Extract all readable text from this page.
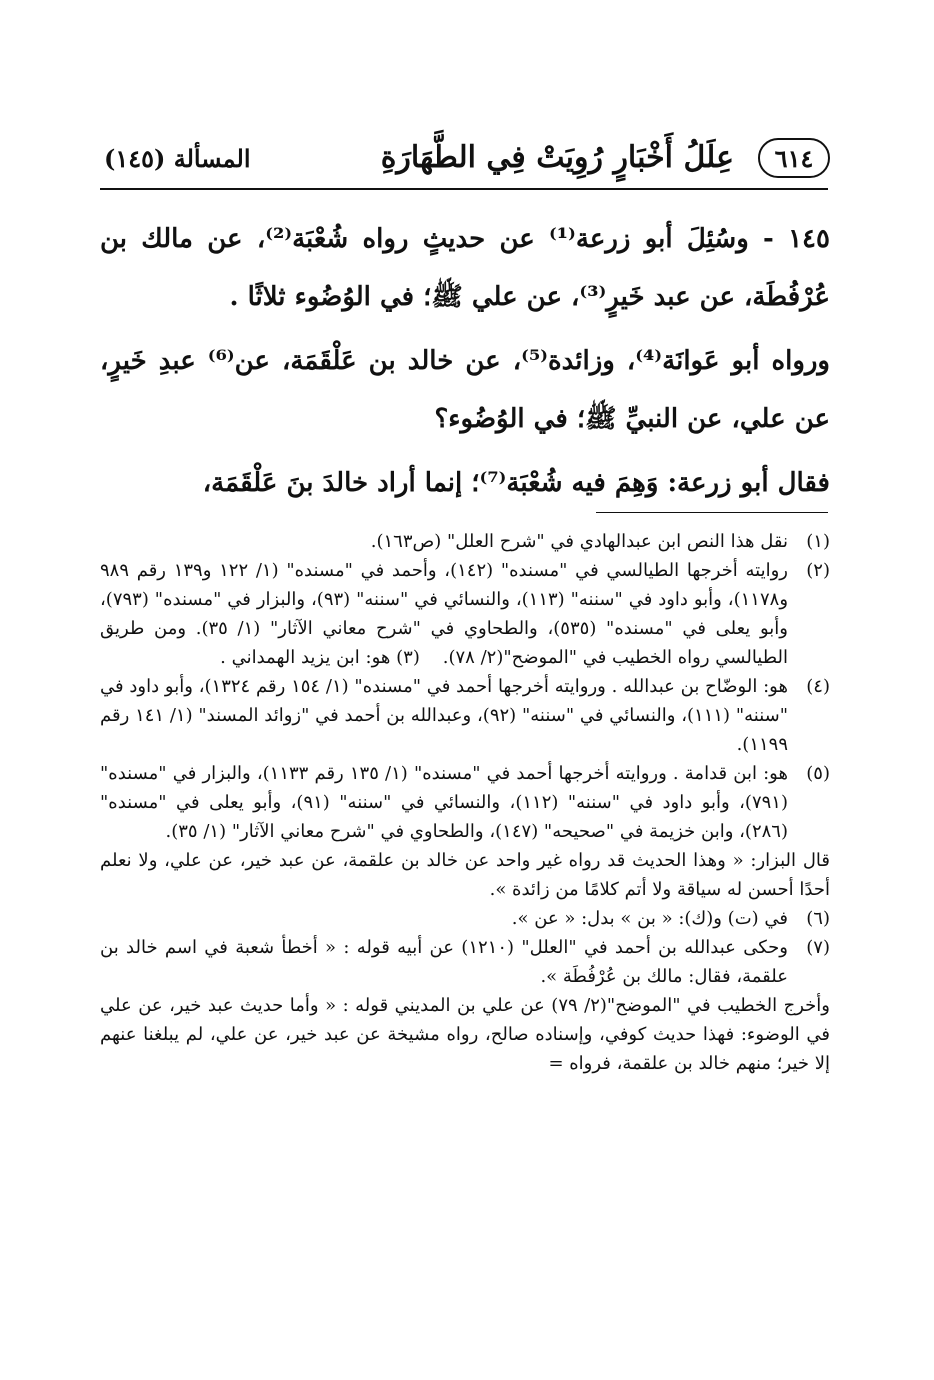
٦١٤
عِلَلُ أَخْبَارٍ رُوِيَتْ فِي الطَّهَارَةِ
المسألة (١٤٥)

١٤٥ - وسُئِلَ أبو زرعة⁽¹⁾ عن حديثٍ رواه شُعْبَة⁽²⁾، عن مالك بن عُرْفُطَة، عن عبد خَيرٍ⁽³⁾، عن علي ﷺ؛ في الوُضُوء ثلاثًا .

ورواه أبو عَوانَة⁽⁴⁾، وزائدة⁽⁵⁾، عن خالد بن عَلْقَمَة، عن⁽⁶⁾ عبدِ خَيرٍ، عن علي، عن النبيِّ ﷺ؛ في الوُضُوء؟

فقال أبو زرعة: وَهِمَ فيه شُعْبَة⁽⁷⁾؛ إنما أراد خالدَ بنَ عَلْقَمَة،

(١)
نقل هذا النص ابن عبدالهادي في "شرح العلل" (ص١٦٣).
(٢)
روايته أخرجها الطيالسي في "مسنده" (١٤٢)، وأحمد في "مسنده" (١/ ١٢٢ و١٣٩ رقم ٩٨٩ و١١٧٨)، وأبو داود في "سننه" (١١٣)، والنسائي في "سننه" (٩٣)، والبزار في "مسنده" (٧٩٣)، وأبو يعلى في "مسنده" (٥٣٥)، والطحاوي في "شرح معاني الآثار" (١/ ٣٥). ومن طريق الطيالسي رواه الخطيب في "الموضح"(٢/ ٧٨).    (٣) هو: ابن يزيد الهمداني .
(٤)
هو: الوضّاح بن عبدالله . وروايته أخرجها أحمد في "مسنده" (١/ ١٥٤ رقم ١٣٢٤)، وأبو داود في "سننه" (١١١)، والنسائي في "سننه" (٩٢)، وعبدالله بن أحمد في "زوائد المسند" (١/ ١٤١ رقم ١١٩٩).
(٥)
هو: ابن قدامة . وروايته أخرجها أحمد في "مسنده" (١/ ١٣٥ رقم ١١٣٣)، والبزار في "مسنده" (٧٩١)، وأبو داود في "سننه" (١١٢)، والنسائي في "سننه" (٩١)، وأبو يعلى في "مسنده" (٢٨٦)، وابن خزيمة في "صحيحه" (١٤٧)، والطحاوي في "شرح معاني الآثار" (١/ ٣٥).
قال البزار: « وهذا الحديث قد رواه غير واحد عن خالد بن علقمة، عن عبد خير، عن علي، ولا نعلم أحدًا أحسن له سياقة ولا أتم كلامًا من زائدة ».
(٦)
في (ت) و(ك): « بن » بدل: « عن ».
(٧)
وحكى عبدالله بن أحمد في "العلل" (١٢١٠) عن أبيه قوله : « أخطأ شعبة في اسم خالد بن علقمة، فقال: مالك بن عُرْفُطَة ».
وأخرج الخطيب في "الموضح"(٢/ ٧٩) عن علي بن المديني قوله : « وأما حديث عبد خير، عن علي في الوضوء: فهذا حديث كوفي، وإسناده صالح، رواه مشيخة عن عبد خير، عن علي، لم يبلغنا عنهم إلا خير؛ منهم خالد بن علقمة، فرواه =
